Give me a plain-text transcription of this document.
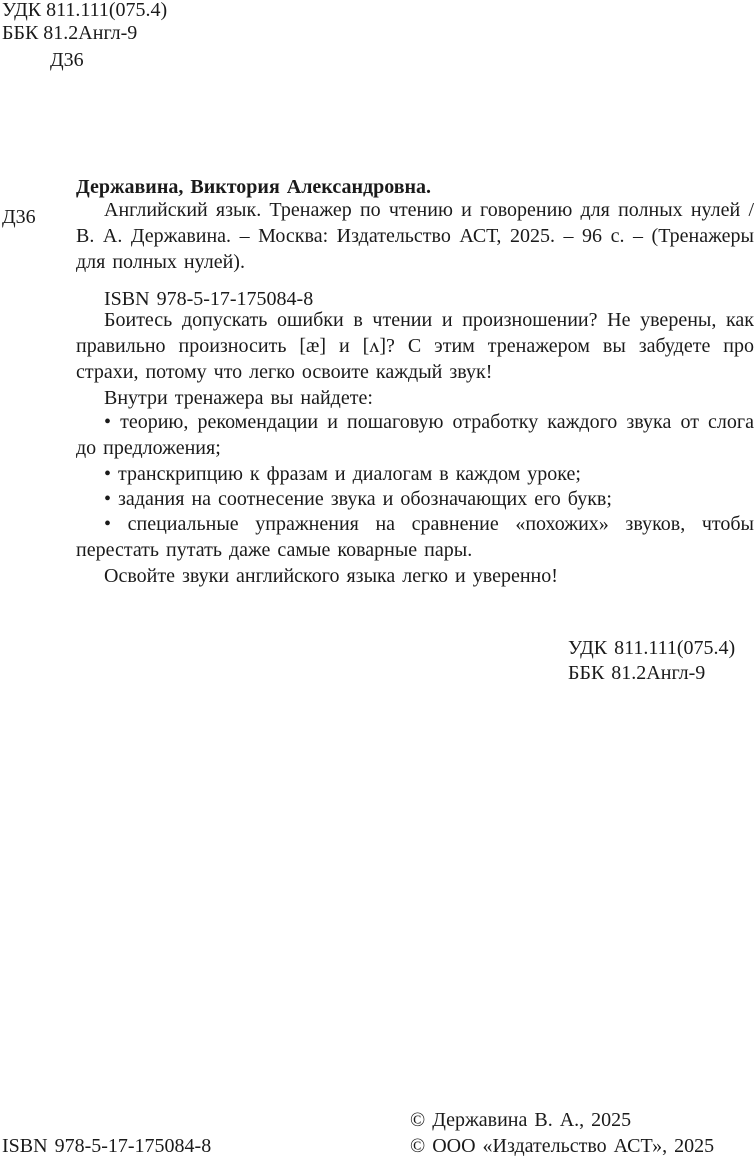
УДК 811.111(075.4)
ББК 81.2Англ-9
Д36
Державина, Виктория Александровна.
Д36	Английский язык. Тренажер по чтению и говорению для полных нулей / В. А. Державина. – Москва: Издательство АСТ, 2025. – 96 с. – (Тренажеры для полных нулей).
ISBN 978-5-17-175084-8
Боитесь допускать ошибки в чтении и произношении? Не уверены, как правильно произносить [æ] и [ʌ]? С этим тренажером вы забудете про страхи, потому что легко освоите каждый звук!
Внутри тренажера вы найдете:
• теорию, рекомендации и пошаговую отработку каждого звука от слога до предложения;
• транскрипцию к фразам и диалогам в каждом уроке;
• задания на соотнесение звука и обозначающих его букв;
• специальные упражнения на сравнение «похожих» звуков, чтобы перестать путать даже самые коварные пары.
Освойте звуки английского языка легко и уверенно!
УДК 811.111(075.4)
ББК 81.2Англ-9
© Державина В. А., 2025
ISBN 978-5-17-175084-8	© ООО «Издательство АСТ», 2025
